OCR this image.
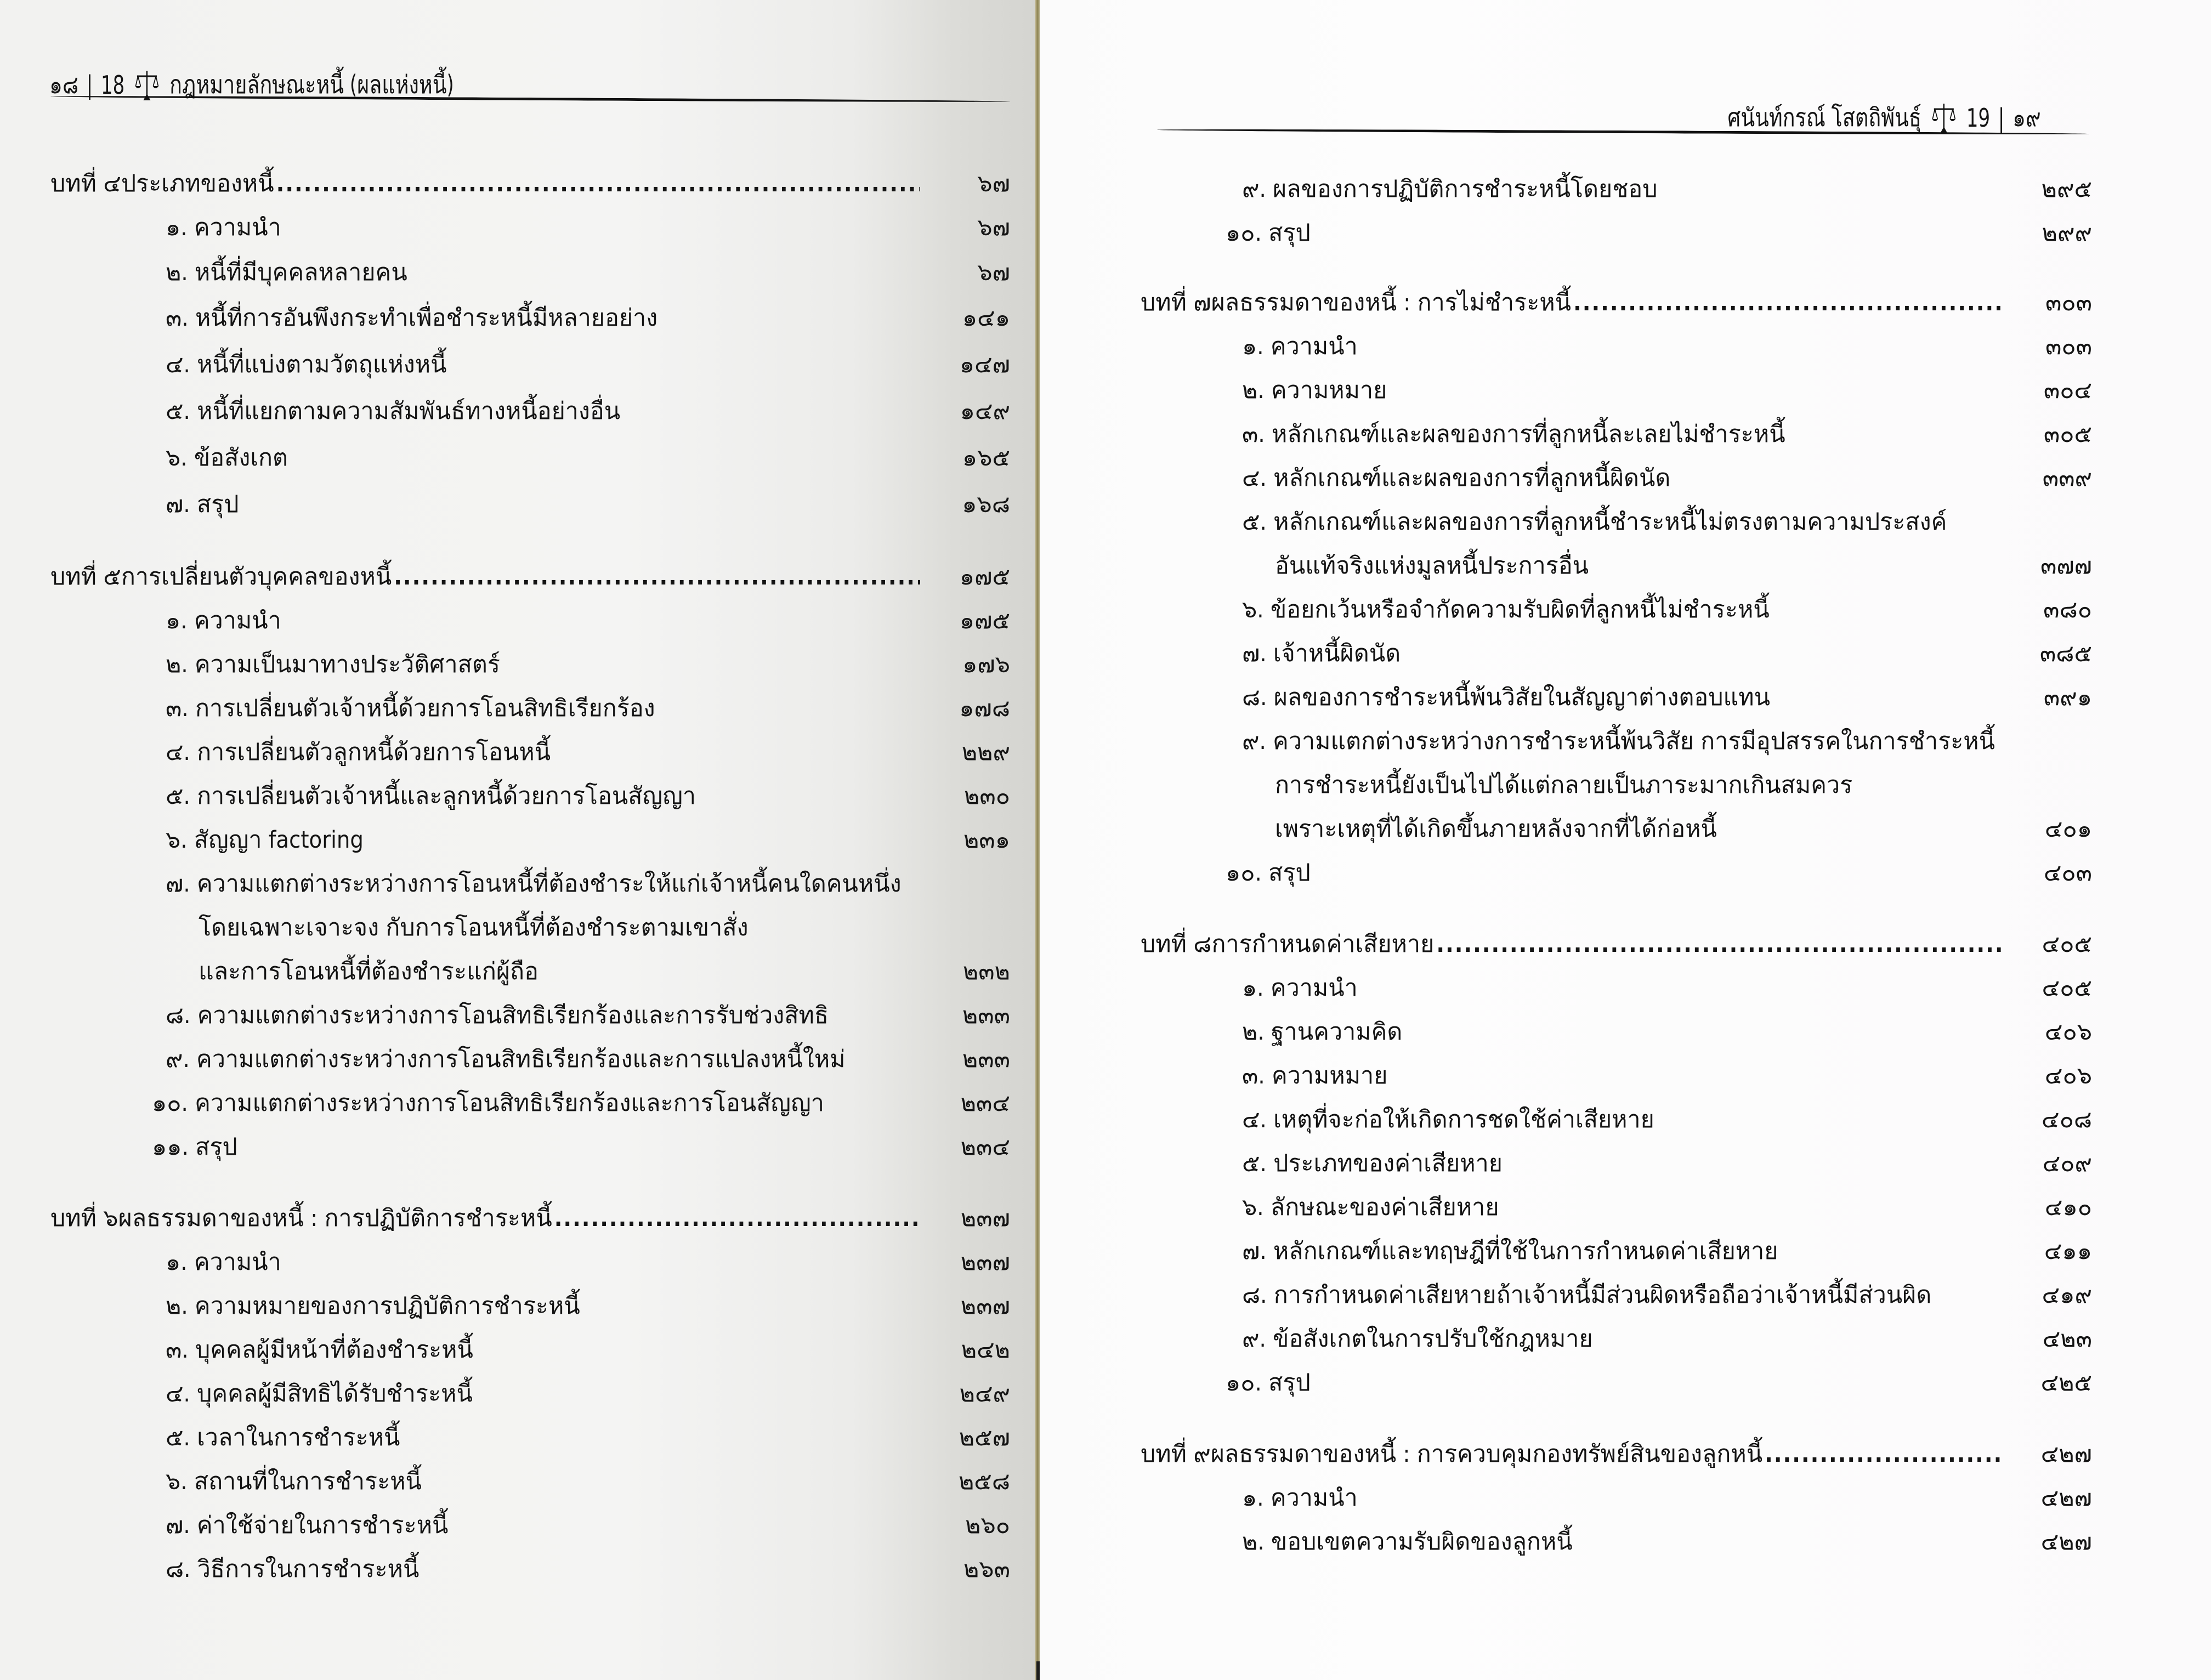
๑๘ | 18 กฎหมายลักษณะหนี้ (ผลแห่งหนี้)
บทที่ ๔ ประเภทของหนี้ .....	๖๗
๑. ความนำ	๖๗
๒. หนี้ที่มีบุคคลหลายคน	๖๗
๓. หนี้ที่การอันพึงกระทำเพื่อชำระหนี้มีหลายอย่าง	๑๔๑
๔. หนี้ที่แบ่งตามวัตถุแห่งหนี้	๑๔๗
๕. หนี้ที่แยกตามความสัมพันธ์ทางหนี้อย่างอื่น	๑๔๙
๖. ข้อสังเกต	๑๖๕
๗. สรุป	๑๖๘
บทที่ ๕ การเปลี่ยนตัวบุคคลของหนี้ .....	๑๗๕
๑. ความนำ	๑๗๕
๒. ความเป็นมาทางประวัติศาสตร์	๑๗๖
๓. การเปลี่ยนตัวเจ้าหนี้ด้วยการโอนสิทธิเรียกร้อง	๑๗๘
๔. การเปลี่ยนตัวลูกหนี้ด้วยการโอนหนี้	๒๒๙
๕. การเปลี่ยนตัวเจ้าหนี้และลูกหนี้ด้วยการโอนสัญญา	๒๓๐
๖. สัญญา factoring	๒๓๑
๗. ความแตกต่างระหว่างการโอนหนี้ที่ต้องชำระให้แก่เจ้าหนี้คนใดคนหนึ่ง
โดยเฉพาะเจาะจง กับการโอนหนี้ที่ต้องชำระตามเขาสั่ง
และการโอนหนี้ที่ต้องชำระแก่ผู้ถือ	๒๓๒
๘. ความแตกต่างระหว่างการโอนสิทธิเรียกร้องและการรับช่วงสิทธิ	๒๓๓
๙. ความแตกต่างระหว่างการโอนสิทธิเรียกร้องและการแปลงหนี้ใหม่	๒๓๓
๑๐. ความแตกต่างระหว่างการโอนสิทธิเรียกร้องและการโอนสัญญา	๒๓๔
๑๑. สรุป	๒๓๔
บทที่ ๖ ผลธรรมดาของหนี้ : การปฏิบัติการชำระหนี้ .....	๒๓๗
๑. ความนำ	๒๓๗
๒. ความหมายของการปฏิบัติการชำระหนี้	๒๓๗
๓. บุคคลผู้มีหน้าที่ต้องชำระหนี้	๒๔๒
๔. บุคคลผู้มีสิทธิได้รับชำระหนี้	๒๔๙
๕. เวลาในการชำระหนี้	๒๕๗
๖. สถานที่ในการชำระหนี้	๒๕๘
๗. ค่าใช้จ่ายในการชำระหนี้	๒๖๐
๘. วิธีการในการชำระหนี้	๒๖๓
ศนันท์กรณ์ โสตถิพันธุ์ 19 | ๑๙
๙. ผลของการปฏิบัติการชำระหนี้โดยชอบ	๒๙๕
๑๐. สรุป	๒๙๙
บทที่ ๗ ผลธรรมดาของหนี้ : การไม่ชำระหนี้ .....	๓๐๓
๑. ความนำ	๓๐๓
๒. ความหมาย	๓๐๔
๓. หลักเกณฑ์และผลของการที่ลูกหนี้ละเลยไม่ชำระหนี้	๓๐๕
๔. หลักเกณฑ์และผลของการที่ลูกหนี้ผิดนัด	๓๓๙
๕. หลักเกณฑ์และผลของการที่ลูกหนี้ชำระหนี้ไม่ตรงตามความประสงค์
อันแท้จริงแห่งมูลหนี้ประการอื่น	๓๗๗
๖. ข้อยกเว้นหรือจำกัดความรับผิดที่ลูกหนี้ไม่ชำระหนี้	๓๘๐
๗. เจ้าหนี้ผิดนัด	๓๘๕
๘. ผลของการชำระหนี้พ้นวิสัยในสัญญาต่างตอบแทน	๓๙๑
๙. ความแตกต่างระหว่างการชำระหนี้พ้นวิสัย การมีอุปสรรคในการชำระหนี้
การชำระหนี้ยังเป็นไปได้แต่กลายเป็นภาระมากเกินสมควร
เพราะเหตุที่ได้เกิดขึ้นภายหลังจากที่ได้ก่อหนี้	๔๐๑
๑๐. สรุป	๔๐๓
บทที่ ๘ การกำหนดค่าเสียหาย .....	๔๐๕
๑. ความนำ	๔๐๕
๒. ฐานความคิด	๔๐๖
๓. ความหมาย	๔๐๖
๔. เหตุที่จะก่อให้เกิดการชดใช้ค่าเสียหาย	๔๐๘
๕. ประเภทของค่าเสียหาย	๔๐๙
๖. ลักษณะของค่าเสียหาย	๔๑๐
๗. หลักเกณฑ์และทฤษฎีที่ใช้ในการกำหนดค่าเสียหาย	๔๑๑
๘. การกำหนดค่าเสียหายถ้าเจ้าหนี้มีส่วนผิดหรือถือว่าเจ้าหนี้มีส่วนผิด	๔๑๙
๙. ข้อสังเกตในการปรับใช้กฎหมาย	๔๒๓
๑๐. สรุป	๔๒๕
บทที่ ๙ ผลธรรมดาของหนี้ : การควบคุมกองทรัพย์สินของลูกหนี้ .....	๔๒๗
๑. ความนำ	๔๒๗
๒. ขอบเขตความรับผิดของลูกหนี้	๔๒๗
